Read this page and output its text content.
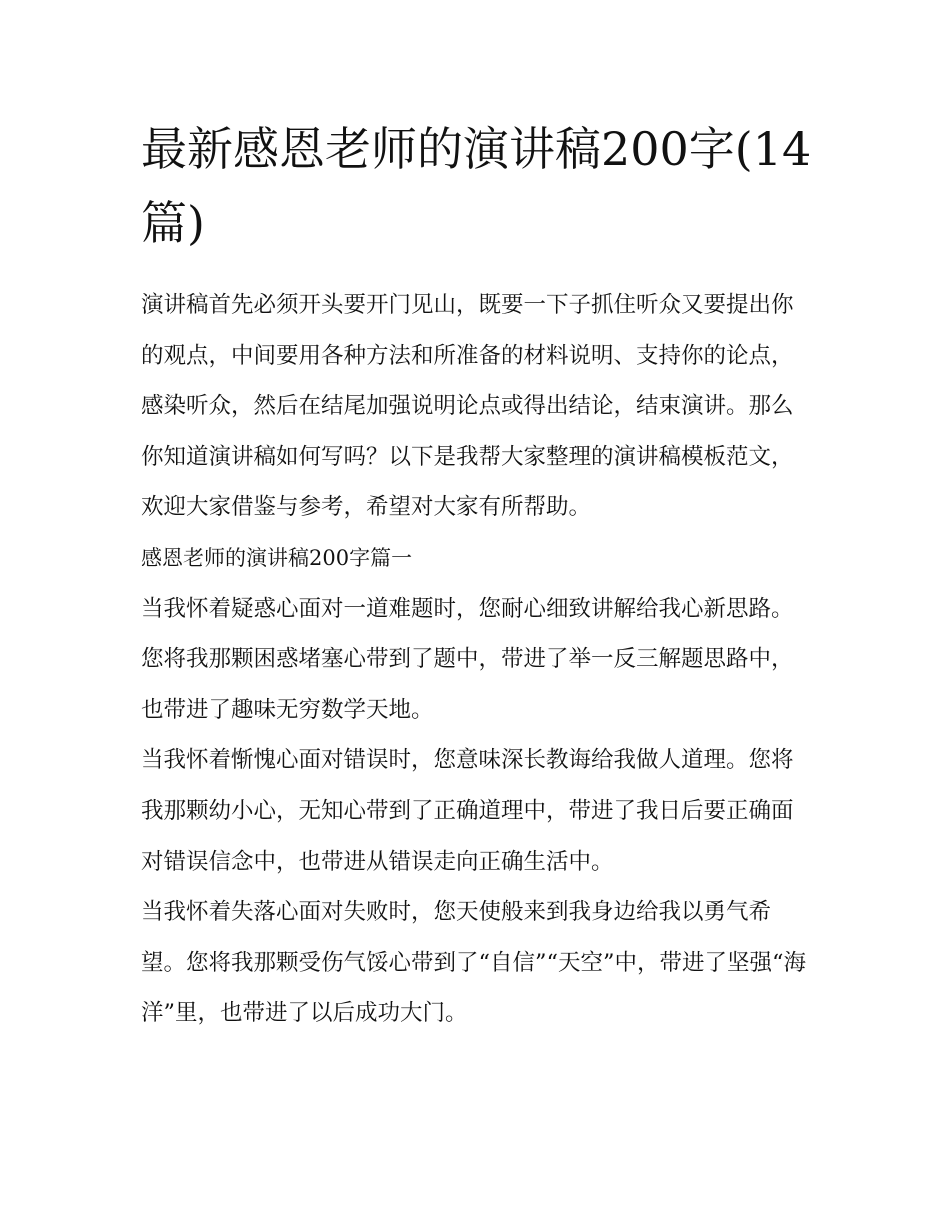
最新感恩老师的演讲稿200字(14篇)

演讲稿首先必须开头要开门见山，既要一下子抓住听众又要提出你的观点，中间要用各种方法和所准备的材料说明、支持你的论点，感染听众，然后在结尾加强说明论点或得出结论，结束演讲。那么你知道演讲稿如何写吗？以下是我帮大家整理的演讲稿模板范文，欢迎大家借鉴与参考，希望对大家有所帮助。

感恩老师的演讲稿200字篇一

当我怀着疑惑心面对一道难题时，您耐心细致讲解给我心新思路。您将我那颗困惑堵塞心带到了题中，带进了举一反三解题思路中，也带进了趣味无穷数学天地。

当我怀着惭愧心面对错误时，您意味深长教诲给我做人道理。您将我那颗幼小心，无知心带到了正确道理中，带进了我日后要正确面对错误信念中，也带进从错误走向正确生活中。

当我怀着失落心面对失败时，您天使般来到我身边给我以勇气希望。您将我那颗受伤气馁心带到了“自信”“天空”中，带进了坚强“海洋”里，也带进了以后成功大门。
